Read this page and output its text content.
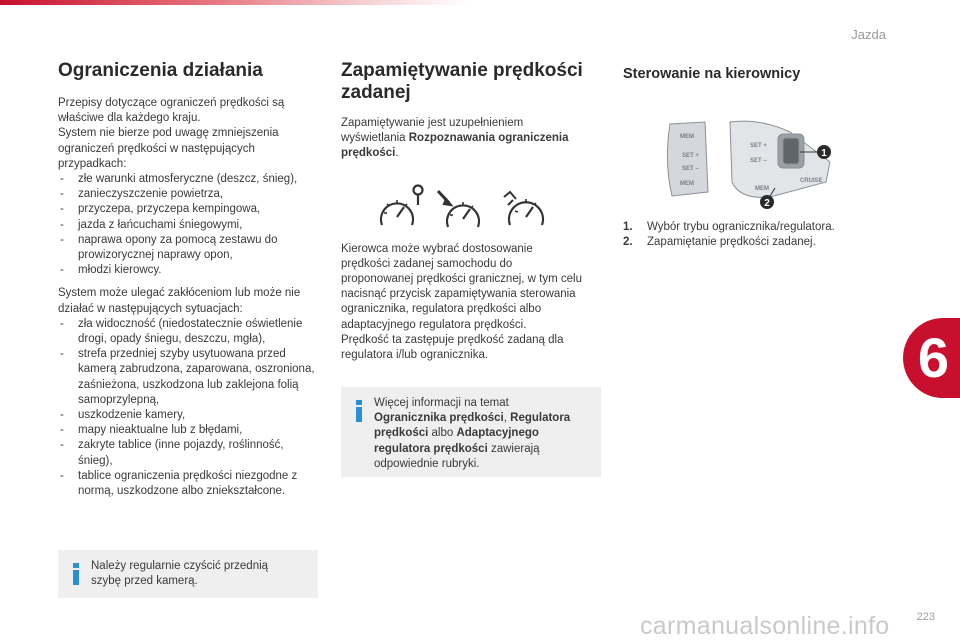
Jazda
Ograniczenia działania

Przepisy dotyczące ograniczeń prędkości są
właściwe dla każdego kraju.
System nie bierze pod uwagę zmniejszenia
ograniczeń prędkości w następujących
przypadkach:

- złe warunki atmosferyczne (deszcz, śnieg),
- zanieczyszczenie powietrza,
- przyczepa, przyczepa kempingowa,
- jazda z łańcuchami śniegowymi,
- naprawa opony za pomocą zestawu do prowizorycznej naprawy opon,
- młodzi kierowcy.

System może ulegać zakłóceniom lub może nie
działać w następujących sytuacjach:

- zła widoczność (niedostatecznie oświetlenie drogi, opady śniegu, deszczu, mgła),
- strefa przedniej szyby usytuowana przed kamerą zabrudzona, zaparowana, oszroniona, zaśnieżona, uszkodzona lub zaklejona folią samoprzylepną,
- uszkodzenie kamery,
- mapy nieaktualne lub z błędami,
- zakryte tablice (inne pojazdy, roślinność, śnieg),
- tablice ograniczenia prędkości niezgodne z normą, uszkodzone albo zniekształcone.
Należy regularnie czyścić przednią
szybę przed kamerą.
Zapamiętywanie prędkości
zadanej

Zapamiętywanie jest uzupełnieniem
wyświetlania Rozpoznawania ograniczenia
prędkości.

Kierowca może wybrać dostosowanie
prędkości zadanej samochodu do
proponowanej prędkości granicznej, w tym celu
nacisnąć przycisk zapamiętywania sterowania
ogranicznika, regulatora prędkości albo
adaptacyjnego regulatora prędkości.
Prędkość ta zastępuje prędkość zadaną dla
regulatora i/lub ogranicznika.

Więcej informacji na temat
Ogranicznika prędkości, Regulatora
prędkości albo Adaptacyjnego
regulatora prędkości zawierają
odpowiednie rubryki.
Sterowanie na kierownicy
MEM
SET +
SET –
MEM
SET +
SET –
CRUISE
MEM
1
2
1. Wybór trybu ogranicznika/regulatora.
2. Zapamiętanie prędkości zadanej.
6
carmanualsonline.info 223
